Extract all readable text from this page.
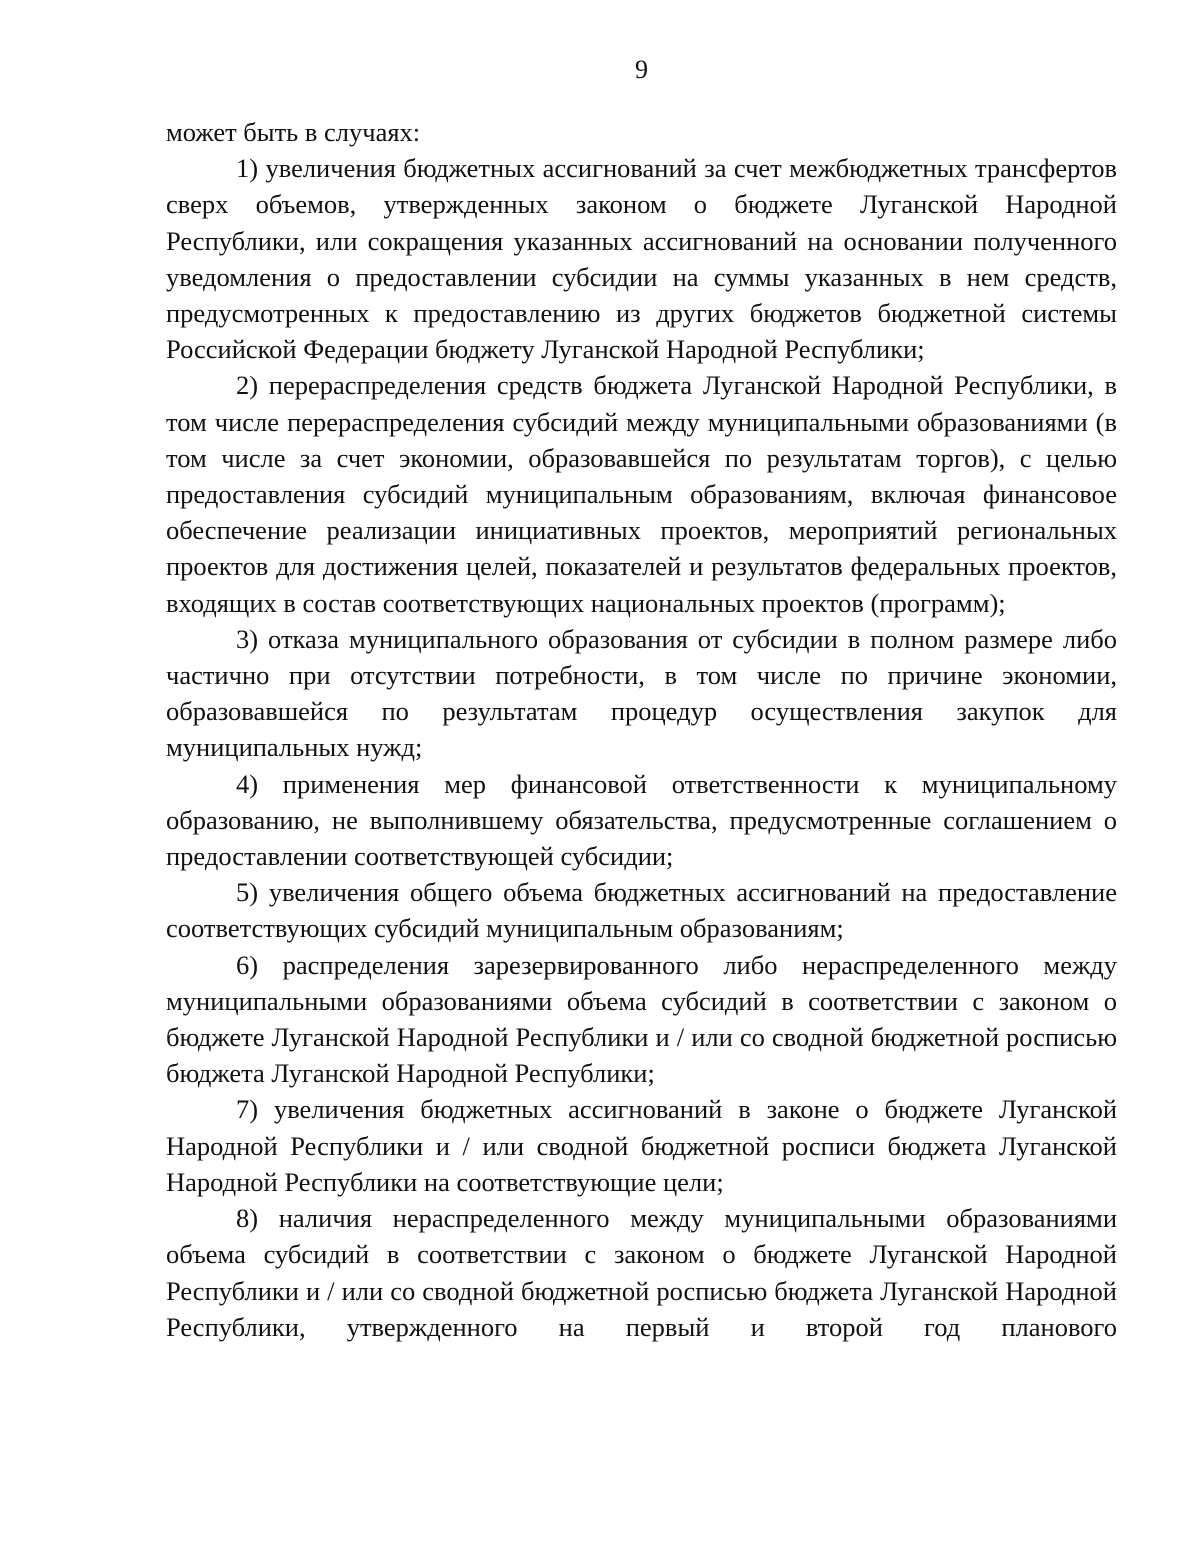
9

может быть в случаях:

1) увеличения бюджетных ассигнований за счет межбюджетных трансфертов сверх объемов, утвержденных законом о бюджете Луганской Народной Республики, или сокращения указанных ассигнований на основании полученного уведомления о предоставлении субсидии на суммы указанных в нем средств, предусмотренных к предоставлению из других бюджетов бюджетной системы Российской Федерации бюджету Луганской Народной Республики;

2) перераспределения средств бюджета Луганской Народной Республики, в том числе перераспределения субсидий между муниципальными образованиями (в том числе за счет экономии, образовавшейся по результатам торгов), с целью предоставления субсидий муниципальным образованиям, включая финансовое обеспечение реализации инициативных проектов, мероприятий региональных проектов для достижения целей, показателей и результатов федеральных проектов, входящих в состав соответствующих национальных проектов (программ);

3) отказа муниципального образования от субсидии в полном размере либо частично при отсутствии потребности, в том числе по причине экономии, образовавшейся по результатам процедур осуществления закупок для муниципальных нужд;

4) применения мер финансовой ответственности к муниципальному образованию, не выполнившему обязательства, предусмотренные соглашением о предоставлении соответствующей субсидии;

5) увеличения общего объема бюджетных ассигнований на предоставление соответствующих субсидий муниципальным образованиям;

6) распределения зарезервированного либо нераспределенного между муниципальными образованиями объема субсидий в соответствии с законом о бюджете Луганской Народной Республики и / или со сводной бюджетной росписью бюджета Луганской Народной Республики;

7) увеличения бюджетных ассигнований в законе о бюджете Луганской Народной Республики и / или сводной бюджетной росписи бюджета Луганской Народной Республики на соответствующие цели;

8) наличия нераспределенного между муниципальными образованиями объема субсидий в соответствии с законом о бюджете Луганской Народной Республики и / или со сводной бюджетной росписью бюджета Луганской Народной Республики, утвержденного на первый и второй год планового
